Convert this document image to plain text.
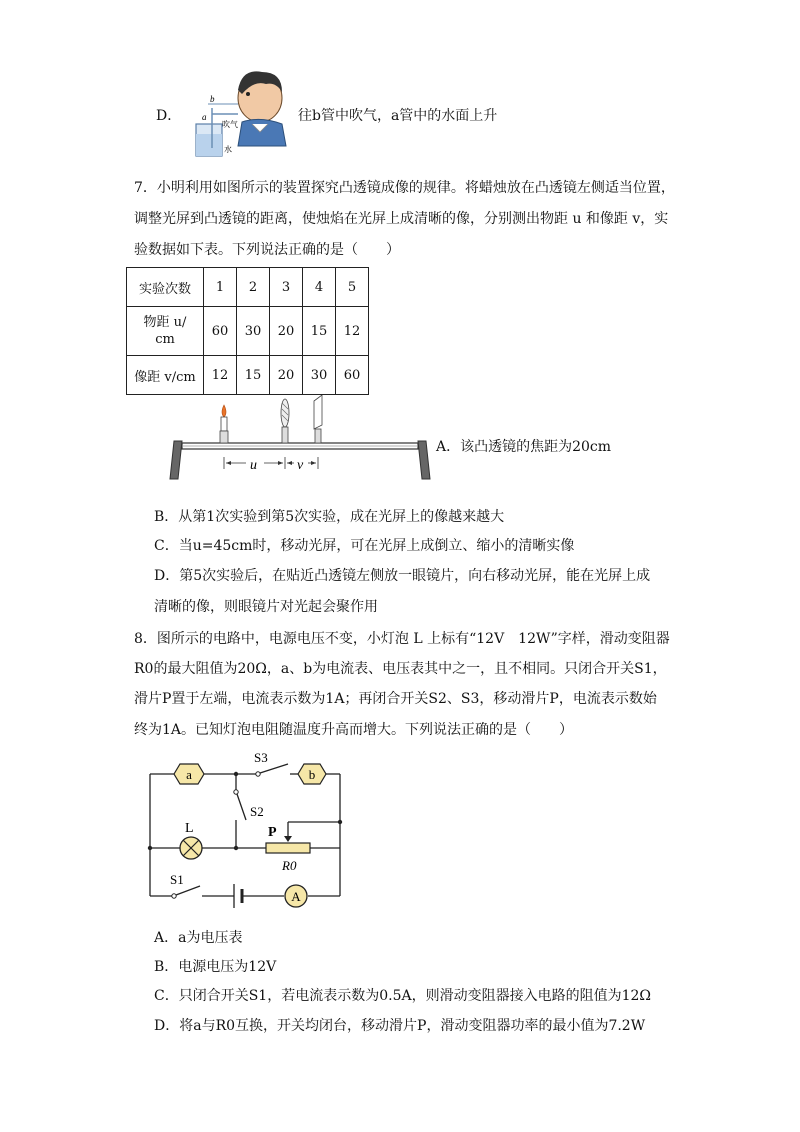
D．
b
a
吹气
水
往b管中吹气，a管中的水面上升
7．小明利用如图所示的装置探究凸透镜成像的规律。将蜡烛放在凸透镜左侧适当位置，
调整光屏到凸透镜的距离，使烛焰在光屏上成清晰的像，分别测出物距 u 和像距 v，实
验数据如下表。下列说法正确的是（　　）
实验次数	1	2	3	4	5
物距 u/
cm	60	30	20	15	12
像距 v/cm	12	15	20	30	60
u	v
A．该凸透镜的焦距为20cm
B．从第1次实验到第5次实验，成在光屏上的像越来越大
C．当u=45cm时，移动光屏，可在光屏上成倒立、缩小的清晰实像
D．第5次实验后，在贴近凸透镜左侧放一眼镜片，向右移动光屏，能在光屏上成
清晰的像，则眼镜片对光起会聚作用
8．图所示的电路中，电源电压不变，小灯泡 L 上标有“12V　12W”字样，滑动变阻器
R0的最大阻值为20Ω，a、b为电流表、电压表其中之一，且不相同。只闭合开关S1，
滑片P置于左端，电流表示数为1A；再闭合开关S2、S3，移动滑片P，电流表示数始
终为1A。已知灯泡电阻随温度升高而增大。下列说法正确的是（　　）
a	b
S3
S2
L	P
R0
S1
A
A．a为电压表
B．电源电压为12V
C．只闭合开关S1，若电流表示数为0.5A，则滑动变阻器接入电路的阻值为12Ω
D．将a与R0互换，开关均闭台，移动滑片P，滑动变阻器功率的最小值为7.2W
